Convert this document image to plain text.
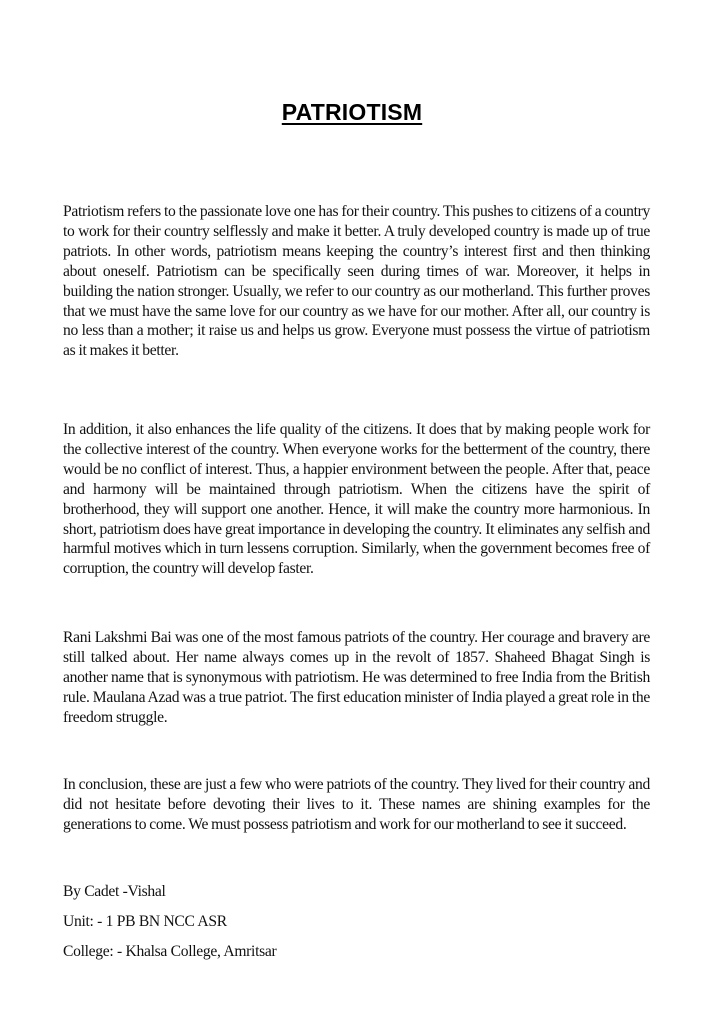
PATRIOTISM

Patriotism refers to the passionate love one has for their country. This pushes to citizens of a country to work for their country selflessly and make it better. A truly developed country is made up of true patriots. In other words, patriotism means keeping the country’s interest first and then thinking about oneself. Patriotism can be specifically seen during times of war. Moreover, it helps in building the nation stronger. Usually, we refer to our country as our motherland. This further proves that we must have the same love for our country as we have for our mother. After all, our country is no less than a mother; it raise us and helps us grow. Everyone must possess the virtue of patriotism as it makes it better.

In addition, it also enhances the life quality of the citizens. It does that by making people work for the collective interest of the country. When everyone works for the betterment of the country, there would be no conflict of interest. Thus, a happier environment between the people. After that, peace and harmony will be maintained through patriotism. When the citizens have the spirit of brotherhood, they will support one another. Hence, it will make the country more harmonious. In short, patriotism does have great importance in developing the country. It eliminates any selfish and harmful motives which in turn lessens corruption. Similarly, when the government becomes free of corruption, the country will develop faster.

Rani Lakshmi Bai was one of the most famous patriots of the country. Her courage and bravery are still talked about. Her name always comes up in the revolt of 1857. Shaheed Bhagat Singh is another name that is synonymous with patriotism. He was determined to free India from the British rule. Maulana Azad was a true patriot. The first education minister of India played a great role in the freedom struggle.

In conclusion, these are just a few who were patriots of the country. They lived for their country and did not hesitate before devoting their lives to it. These names are shining examples for the generations to come. We must possess patriotism and work for our motherland to see it succeed.

By Cadet -Vishal
Unit: - 1 PB BN NCC ASR
College: - Khalsa College, Amritsar
